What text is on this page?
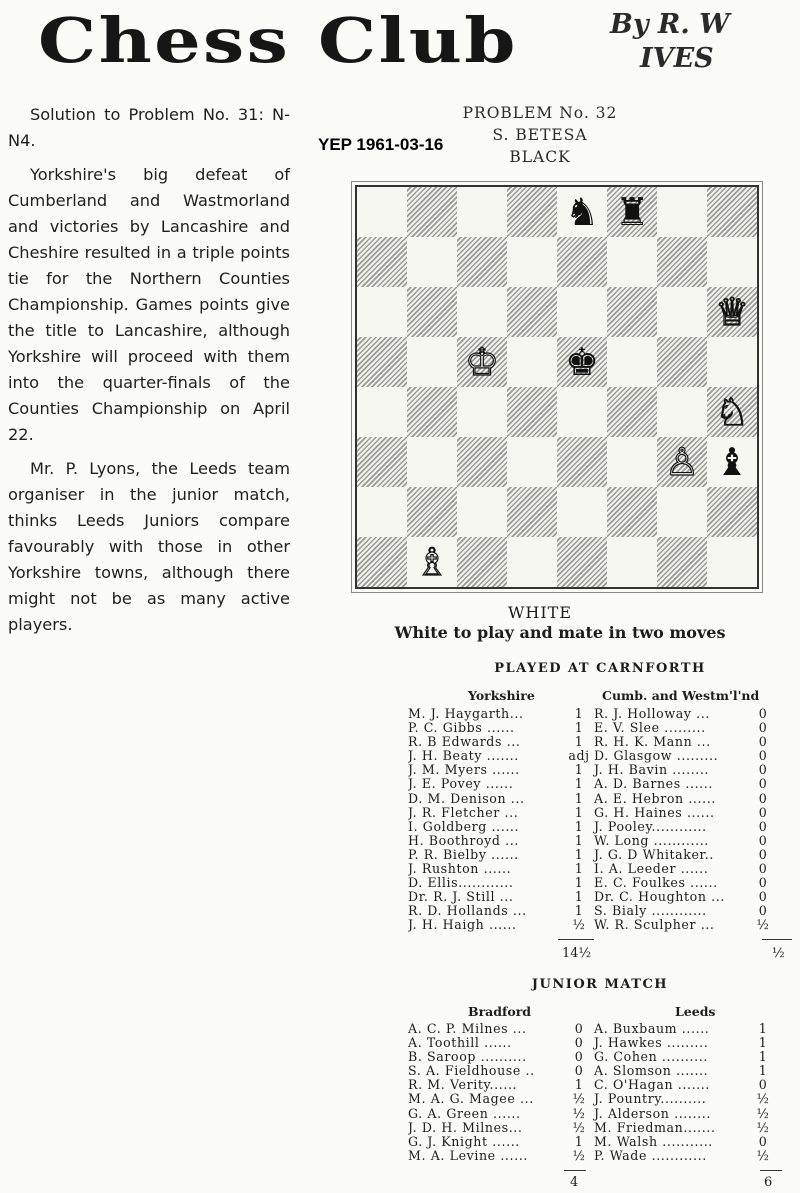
Chess Club	By R. W
IVES
YEP 1961-03-16

Solution to Problem No. 31: N-N4.

Yorkshire's big defeat of Cumberland and Wastmorland and victories by Lancashire and Cheshire resulted in a triple points tie for the Northern Counties Championship. Games points give the title to Lancashire, although Yorkshire will proceed with them into the quarter-finals of the Counties Championship on April 22.

Mr. P. Lyons, the Leeds team organiser in the junior match, thinks Leeds Juniors compare favourably with those in other Yorkshire towns, although there might not be as many active players.

PROBLEM No. 32
S. BETESA
BLACK
♞ ♜
♕
♔ ♚
♘
♙ ♝
♗
WHITE
White to play and mate in two moves
PLAYED AT CARNFORTH
Yorkshire	Cumb. and Westm'l'nd
M. J. Haygarth...	1 R. J. Holloway ...	0
P. C. Gibbs ......	1 E. V. Slee .........	0
R. B Edwards ...	1 R. H. K. Mann ...	0
J. H. Beaty .......	adj D. Glasgow .........	0
J. M. Myers ......	1 J. H. Bavin ........	0
J. E. Povey ......	1 A. D. Barnes ......	0
D. M. Denison ...	1 A. E. Hebron ......	0
J. R. Fletcher ...	1 G. H. Haines ......	0
I. Goldberg ......	1 J. Pooley............	0
H. Boothroyd ...	1 W. Long ............	0
P. R. Bielby ......	1 J. G. D Whitaker..	0
J. Rushton ......	1 I. A. Leeder ......	0
D. Ellis............	1 E. C. Foulkes ......	0
Dr. R. J. Still ...	1 Dr. C. Houghton ...	0
R. D. Hollands ...	1 S. Bialy ............	0
J. H. Haigh ......	½ W. R. Sculpher ...	½
14½	½
JUNIOR MATCH
Bradford	Leeds
A. C. P. Milnes ...	0 A. Buxbaum ......	1
A. Toothill ......	0 J. Hawkes .........	1
B. Saroop ..........	0 G. Cohen ..........	1
S. A. Fieldhouse ..	0 A. Slomson .......	1
R. M. Verity......	1 C. O'Hagan .......	0
M. A. G. Magee ...	½ J. Pountry..........	½
G. A. Green ......	½ J. Alderson ........	½
J. D. H. Milnes...	½ M. Friedman.......	½
G. J. Knight ......	1 M. Walsh ...........	0
M. A. Levine ......	½ P. Wade ............	½
4	6
